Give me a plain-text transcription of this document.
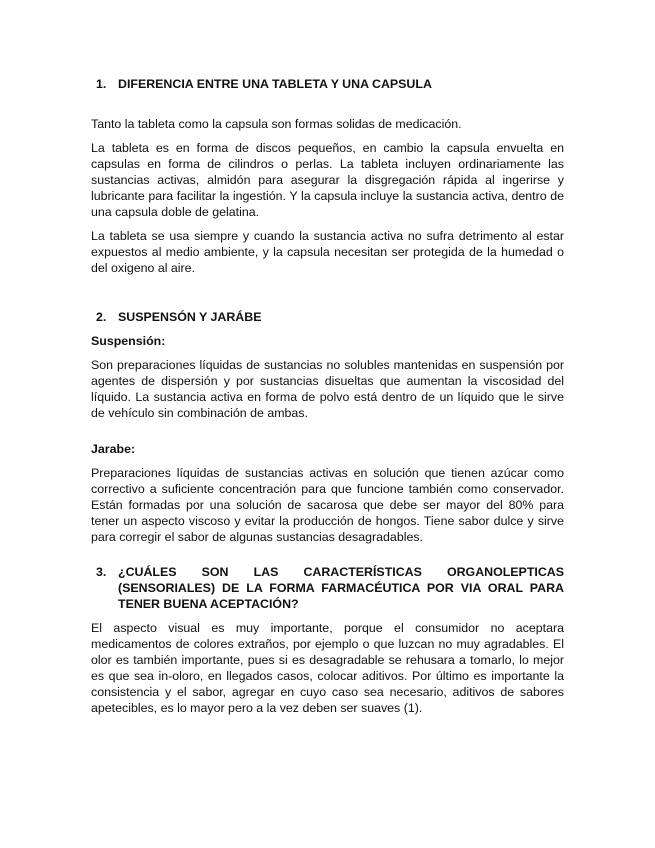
1. DIFERENCIA ENTRE UNA TABLETA Y UNA CAPSULA

Tanto la tableta como la capsula son formas solidas de medicación.

La tableta es en forma de discos pequeños, en cambio la capsula envuelta en capsulas en forma de cilindros o perlas. La tableta incluyen ordinariamente las sustancias activas, almidón para asegurar la disgregación rápida al ingerirse y lubricante para facilitar la ingestión. Y la capsula incluye la sustancia activa, dentro de una capsula doble de gelatina.

La tableta se usa siempre y cuando la sustancia activa no sufra detrimento al estar expuestos al medio ambiente, y la capsula necesitan ser protegida de la humedad o del oxigeno al aire.

2. SUSPENSÓN Y JARÁBE
Suspensión:

Son preparaciones líquidas de sustancias no solubles mantenidas en suspensión por agentes de dispersión y por sustancias disueltas que aumentan la viscosidad del líquido. La sustancia activa en forma de polvo está dentro de un líquido que le sirve de vehículo sin combinación de ambas.

Jarabe:

Preparaciones líquidas de sustancias activas en solución que tienen azúcar como correctivo a suficiente concentración para que funcione también como conservador. Están formadas por una solución de sacarosa que debe ser mayor del 80% para tener un aspecto viscoso y evitar la producción de hongos. Tiene sabor dulce y sirve para corregir el sabor de algunas sustancias desagradables.

3. ¿CUÁLES SON LAS CARACTERÍSTICAS ORGANOLEPTICAS (SENSORIALES) DE LA FORMA FARMACÉUTICA POR VIA ORAL PARA TENER BUENA ACEPTACIÓN?

El aspecto visual es muy importante, porque el consumidor no aceptara medicamentos de colores extraños, por ejemplo o que luzcan no muy agradables. El olor es también importante, pues si es desagradable se rehusara a tomarlo, lo mejor es que sea in-oloro, en llegados casos, colocar aditivos. Por último es importante la consistencia y el sabor, agregar en cuyo caso sea necesario, aditivos de sabores apetecibles, es lo mayor pero a la vez deben ser suaves (1).
